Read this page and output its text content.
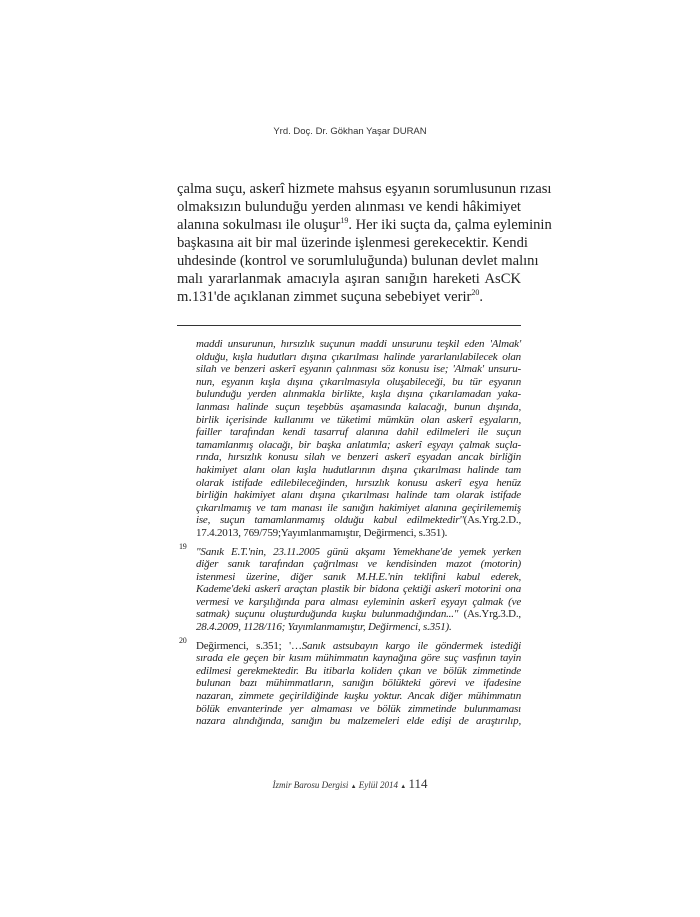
Yrd. Doç. Dr. Gökhan Yaşar DURAN
çalma suçu, askerî hizmete mahsus eşyanın sorumlusunun rızası
olmaksızın bulunduğu yerden alınması ve kendi hâkimiyet
alanına sokulması ile oluşur$^{19}$. Her iki suçta da, çalma eyleminin
başkasına ait bir mal üzerinde işlenmesi gerekecektir. Kendi
uhdesinde (kontrol ve sorumluluğunda) bulunan devlet malını
malı yararlanmak amacıyla aşıran sanığın hareketi AsCK
m.131'de açıklanan zimmet suçuna sebebiyet verir$^{20}$.
maddi unsurunun, hırsızlık suçunun maddi unsurunu teşkil eden 'Almak'
olduğu, kışla hudutları dışına çıkarılması halinde yararlanılabilecek olan
silah ve benzeri askerî eşyanın çalınması söz konusu ise; 'Almak' unsuru-
nun, eşyanın kışla dışına çıkarılmasıyla oluşabileceği, bu tür eşyanın
bulunduğu yerden alınmakla birlikte, kışla dışına çıkarılamadan yaka-
lanması halinde suçun teşebbüs aşamasında kalacağı, bunun dışında,
birlik içerisinde kullanımı ve tüketimi mümkün olan askerî eşyaların,
failler tarafından kendi tasarruf alanına dahil edilmeleri ile suçun
tamamlanmış olacağı, bir başka anlatımla; askerî eşyayı çalmak suçla-
rında, hırsızlık konusu silah ve benzeri askerî eşyadan ancak birliğin
hakimiyet alanı olan kışla hudutlarının dışına çıkarılması halinde tam
olarak istifade edilebileceğinden, hırsızlık konusu askerî eşya henüz
birliğin hakimiyet alanı dışına çıkarılması halinde tam olarak istifade
çıkarılmamış ve tam manası ile sanığın hakimiyet alanına geçirilememiş
ise, suçun tamamlanmamış olduğu kabul edilmektedir''(As.Yrg.2.D.,
17.4.2013, 769/759;Yayımlanmamıştır, Değirmenci, s.351).
19 "Sanık E.T.'nin, 23.11.2005 günü akşamı Yemekhane'de yemek yerken
diğer sanık tarafından çağrılması ve kendisinden mazot (motorin)
istenmesi üzerine, diğer sanık M.H.E.'nin teklifini kabul ederek,
Kademe'deki askerî araçtan plastik bir bidona çektiği askerî motorini ona
vermesi ve karşılığında para alması eyleminin askerî eşyayı çalmak (ve
satmak) suçunu oluşturduğunda kuşku bulunmadığından..." (As.Yrg.3.D.,
28.4.2009, 1128/116; Yayımlanmamıştır, Değirmenci, s.351).
20 Değirmenci, s.351; '…Sanık astsubayın kargo ile göndermek istediği
sırada ele geçen bir kısım mühimmatın kaynağına göre suç vasfının tayin
edilmesi gerekmektedir. Bu itibarla koliden çıkan ve bölük zimmetinde
bulunan bazı mühimmatların, sanığın bölükteki görevi ve ifadesine
nazaran, zimmete geçirildiğinde kuşku yoktur. Ancak diğer mühimmatın
bölük envanterinde yer almaması ve bölük zimmetinde bulunmaması
nazara alındığında, sanığın bu malzemeleri elde edişi de araştırılıp,
İzmir Barosu Dergisi ▲ Eylül 2014 ▲ 114
